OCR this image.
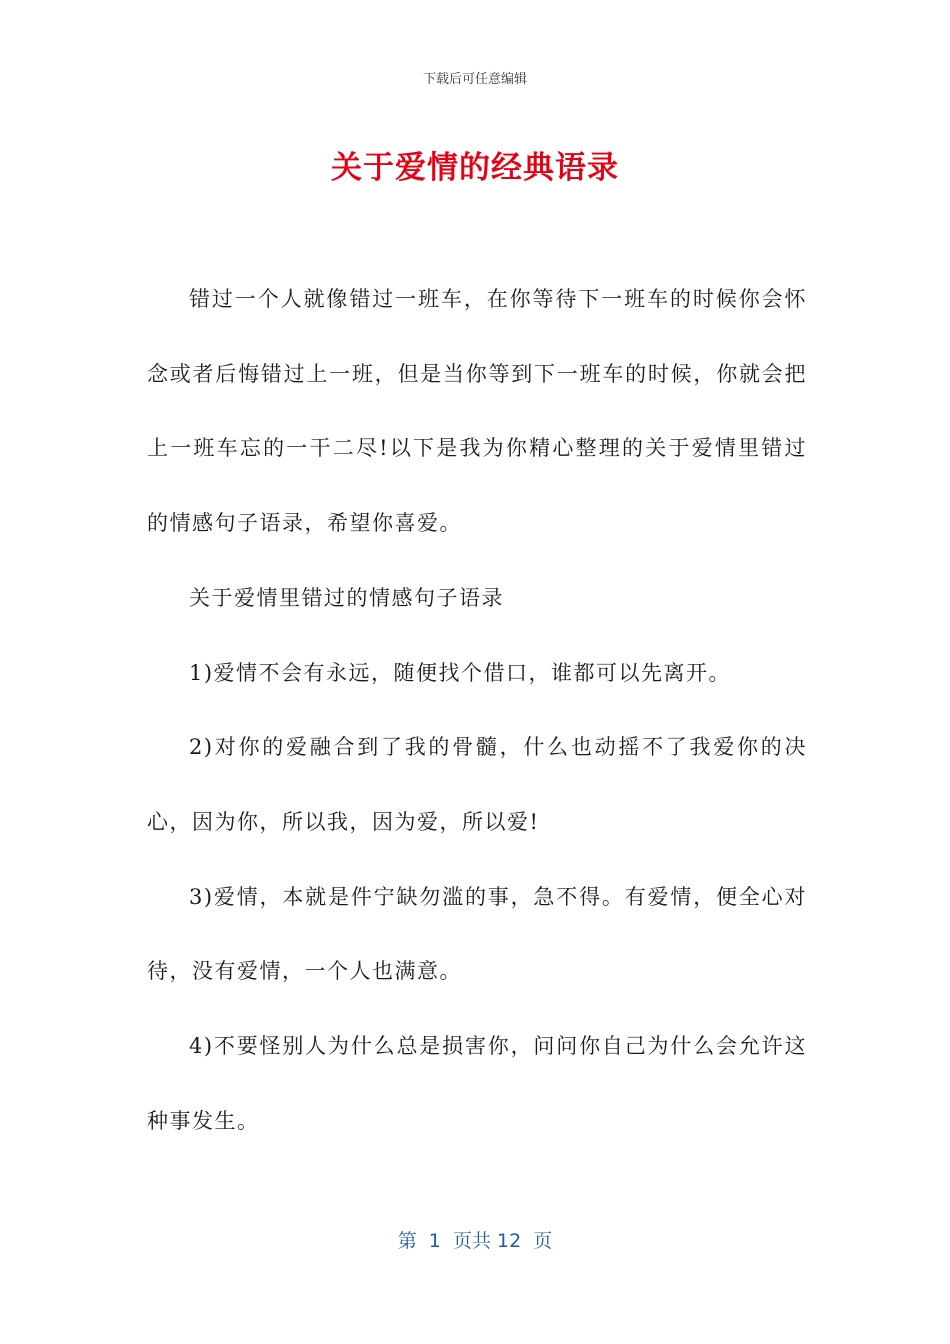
下载后可任意编辑
关于爱情的经典语录

错过一个人就像错过一班车，在你等待下一班车的时候你会怀念或者后悔错过上一班，但是当你等到下一班车的时候，你就会把上一班车忘的一干二尽!以下是我为你精心整理的关于爱情里错过的情感句子语录，希望你喜爱。

关于爱情里错过的情感句子语录

1)爱情不会有永远，随便找个借口，谁都可以先离开。

2)对你的爱融合到了我的骨髓，什么也动摇不了我爱你的决心，因为你，所以我，因为爱，所以爱!

3)爱情，本就是件宁缺勿滥的事，急不得。有爱情，便全心对待，没有爱情，一个人也满意。

4)不要怪别人为什么总是损害你，问问你自己为什么会允许这种事发生。

第  1  页共 12  页
